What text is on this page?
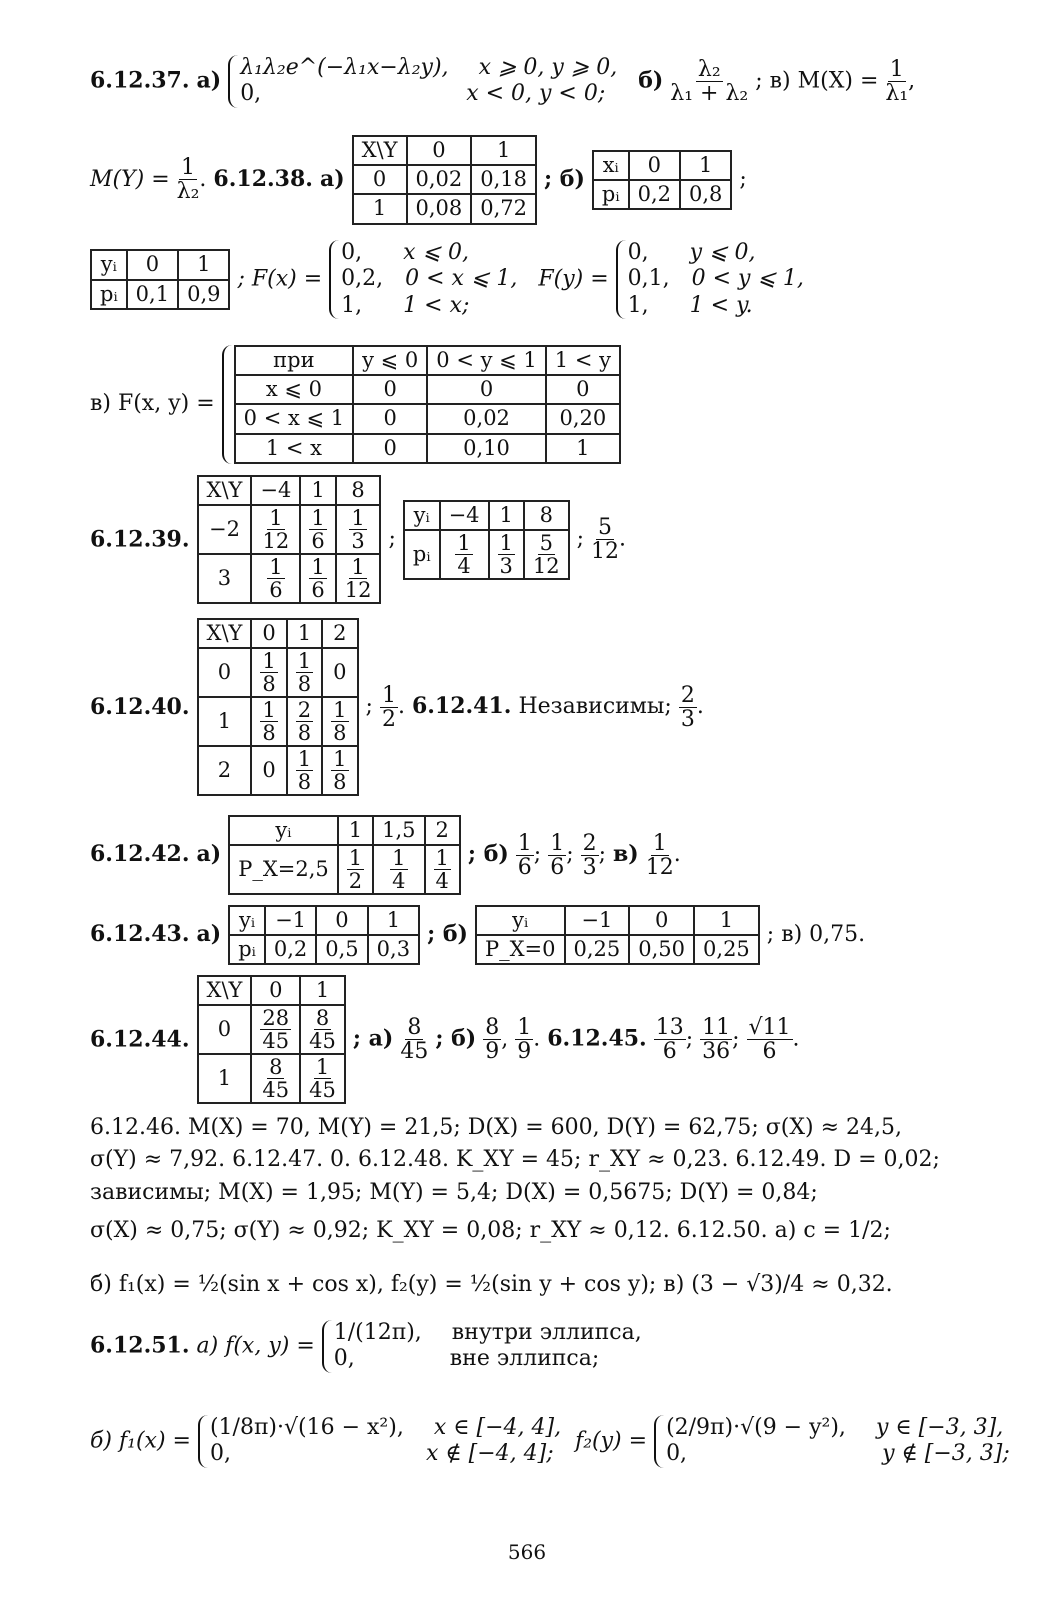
6.12.37. а) λ₁λ₂e^(−λ₁x−λ₂y), x ⩾ 0, y ⩾ 0,
0,	x < 0, y < 0;
$б) \frac{\text{λ₂}}{\text{λ₁ + λ₂}}$ ; в) $M(X) = \frac{1}{\text{λ₁}}$ ,
$M(Y) = \frac{1}{\text{λ₂}}$ . 6.12.38. а) X\Y	0	1
0	0,02	0,18
1	0,08	0,72 ; б) xᵢ	0	1
pᵢ	0,2	0,8 ;
yᵢ	0	1
pᵢ	0,1	0,9 ; F(x) =
0,	x ⩽ 0,
0,2, 0 < x ⩽ 1,
1,	1 < x;
F(y) =
0,	y ⩽ 0,
0,1, 0 < y ⩽ 1,
1,	1 < y.
в) F(x, y) = при	y ⩽ 0	0 < y ⩽ 1	1 < y
x ⩽ 0	0	0	0
0 < x ⩽ 1	0	0,02	0,20
1 < x	0	0,10	1
6.12.39. X\Y	−4	1	8
−2	$\frac{1}{12}$	$\frac{1}{6}$	$\frac{1}{3}$

3	$\frac{1}{6}$	$\frac{1}{6}$	$\frac{1}{12}$
; yᵢ	−4	1	8
pᵢ	$\frac{1}{4}$	$\frac{1}{3}$	$\frac{5}{12}$ ; $\frac{5}{12}$ .
6.12.40. X\Y	0	1	2
0	$\frac{1}{8}$	$\frac{1}{8}$	0
1	$\frac{1}{8}$	$\frac{2}{8}$	$\frac{1}{8}$

2	0	$\frac{1}{8}$	$\frac{1}{8}$
; $\frac{1}{2}$ . 6.12.41. Независимы; $\frac{2}{3}$ .
6.12.42. а) yᵢ	1	1,5	2
P_X=2,5	$\frac{1}{2}$	$\frac{1}{4}$	$\frac{1}{4}$ ; $б) \frac{1}{6}$ ; $\frac{1}{6}$ ; $\frac{2}{3}$ ; $в) \frac{1}{12}$ .
6.12.43. а) yᵢ	−1	0	1
pᵢ	0,2	0,5	0,3 ; б) yᵢ	−1	0	1
P_X=0	0,25	0,50	0,25 ; в) 0,75.
6.12.44. X\Y	0	1
0	$\frac{28}{45}$	$\frac{8}{45}$

1	$\frac{8}{45}$	$\frac{1}{45}$
; $а) \frac{8}{45}$ ; $б) \frac{8}{9}$ , $\frac{1}{9}$ . 6.12.45. $\frac{13}{6}$ ; $\frac{11}{36}$ ; $\frac{√11}{6}$ .
6.12.46. M(X) = 70, M(Y) = 21,5; D(X) = 600, D(Y) = 62,75; σ(X) ≈ 24,5,
σ(Y) ≈ 7,92. 6.12.47. 0. 6.12.48. K_XY = 45; r_XY ≈ 0,23. 6.12.49. D = 0,02;
зависимы; M(X) = 1,95; M(Y) = 5,4; D(X) = 0,5675; D(Y) = 0,84;
σ(X) ≈ 0,75; σ(Y) ≈ 0,92; K_XY = 0,08; r_XY ≈ 0,12. 6.12.50. а) c = 1/2;
б) f₁(x) = ½(sin x + cos x), f₂(y) = ½(sin y + cos y); в) (3 − √3)/4 ≈ 0,32.
6.12.51. а) f(x, y) =
1/(12π), внутри эллипса,
0,	вне эллипса;
б) f₁(x) =
(1/8π)·√(16 − x²), x ∈ [−4, 4],
0,	x ∉ [−4, 4];
f₂(y) =
(2/9π)·√(9 − y²), y ∈ [−3, 3],
0,	y ∉ [−3, 3];
566
